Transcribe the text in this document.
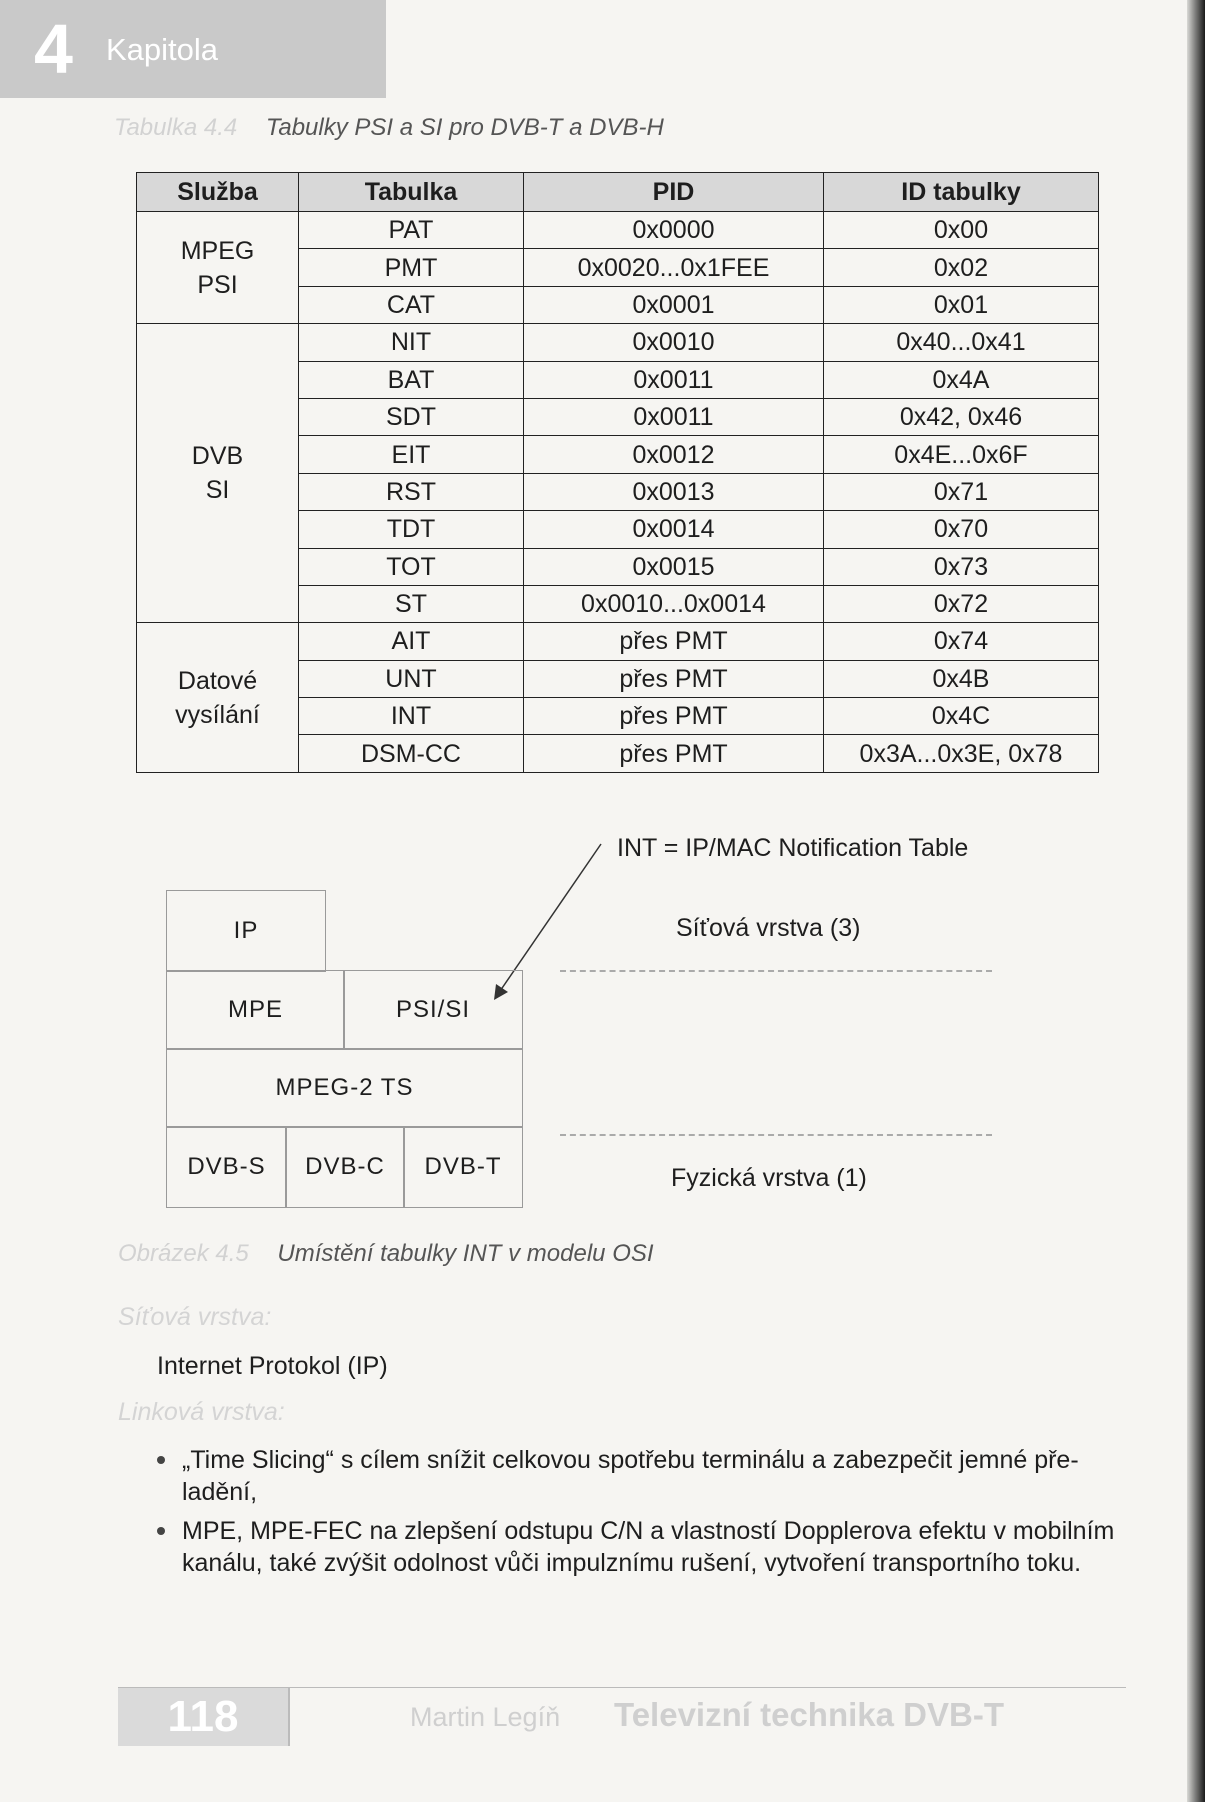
4 Kapitola
Tabulka 4.4 Tabulky PSI a SI pro DVB-T a DVB-H
Služba	Tabulka	PID	ID tabulky
MPEG
PSI	PAT	0x0000	0x00
	PMT	0x0020...0x1FEE	0x02
	CAT	0x0001	0x01
DVB
SI	NIT	0x0010	0x40...0x41
	BAT	0x0011	0x4A
	SDT	0x0011	0x42, 0x46
	EIT	0x0012	0x4E...0x6F
	RST	0x0013	0x71
	TDT	0x0014	0x70
	TOT	0x0015	0x73
	ST	0x0010...0x0014	0x72
Datové
vysílání	AIT	přes PMT	0x74
	UNT	přes PMT	0x4B
	INT	přes PMT	0x4C
	DSM-CC	přes PMT	0x3A...0x3E, 0x78
INT = IP/MAC Notification Table
IP
MPE	PSI/SI
MPEG-2 TS
DVB-S	DVB-C	DVB-T
Síťová vrstva (3)
Fyzická vrstva (1)
Obrázek 4.5 Umístění tabulky INT v modelu OSI
Síťová vrstva:
Internet Protokol (IP)
Linková vrstva:
„Time Slicing“ s cílem snížit celkovou spotřebu terminálu a zabezpečit jemné pře-
ladění,
MPE, MPE-FEC na zlepšení odstupu C/N a vlastností Dopplerova efektu v mobilním
kanálu, také zvýšit odolnost vůči impulznímu rušení, vytvoření transportního toku.
118	Martin Legíň Televizní technika DVB-T
